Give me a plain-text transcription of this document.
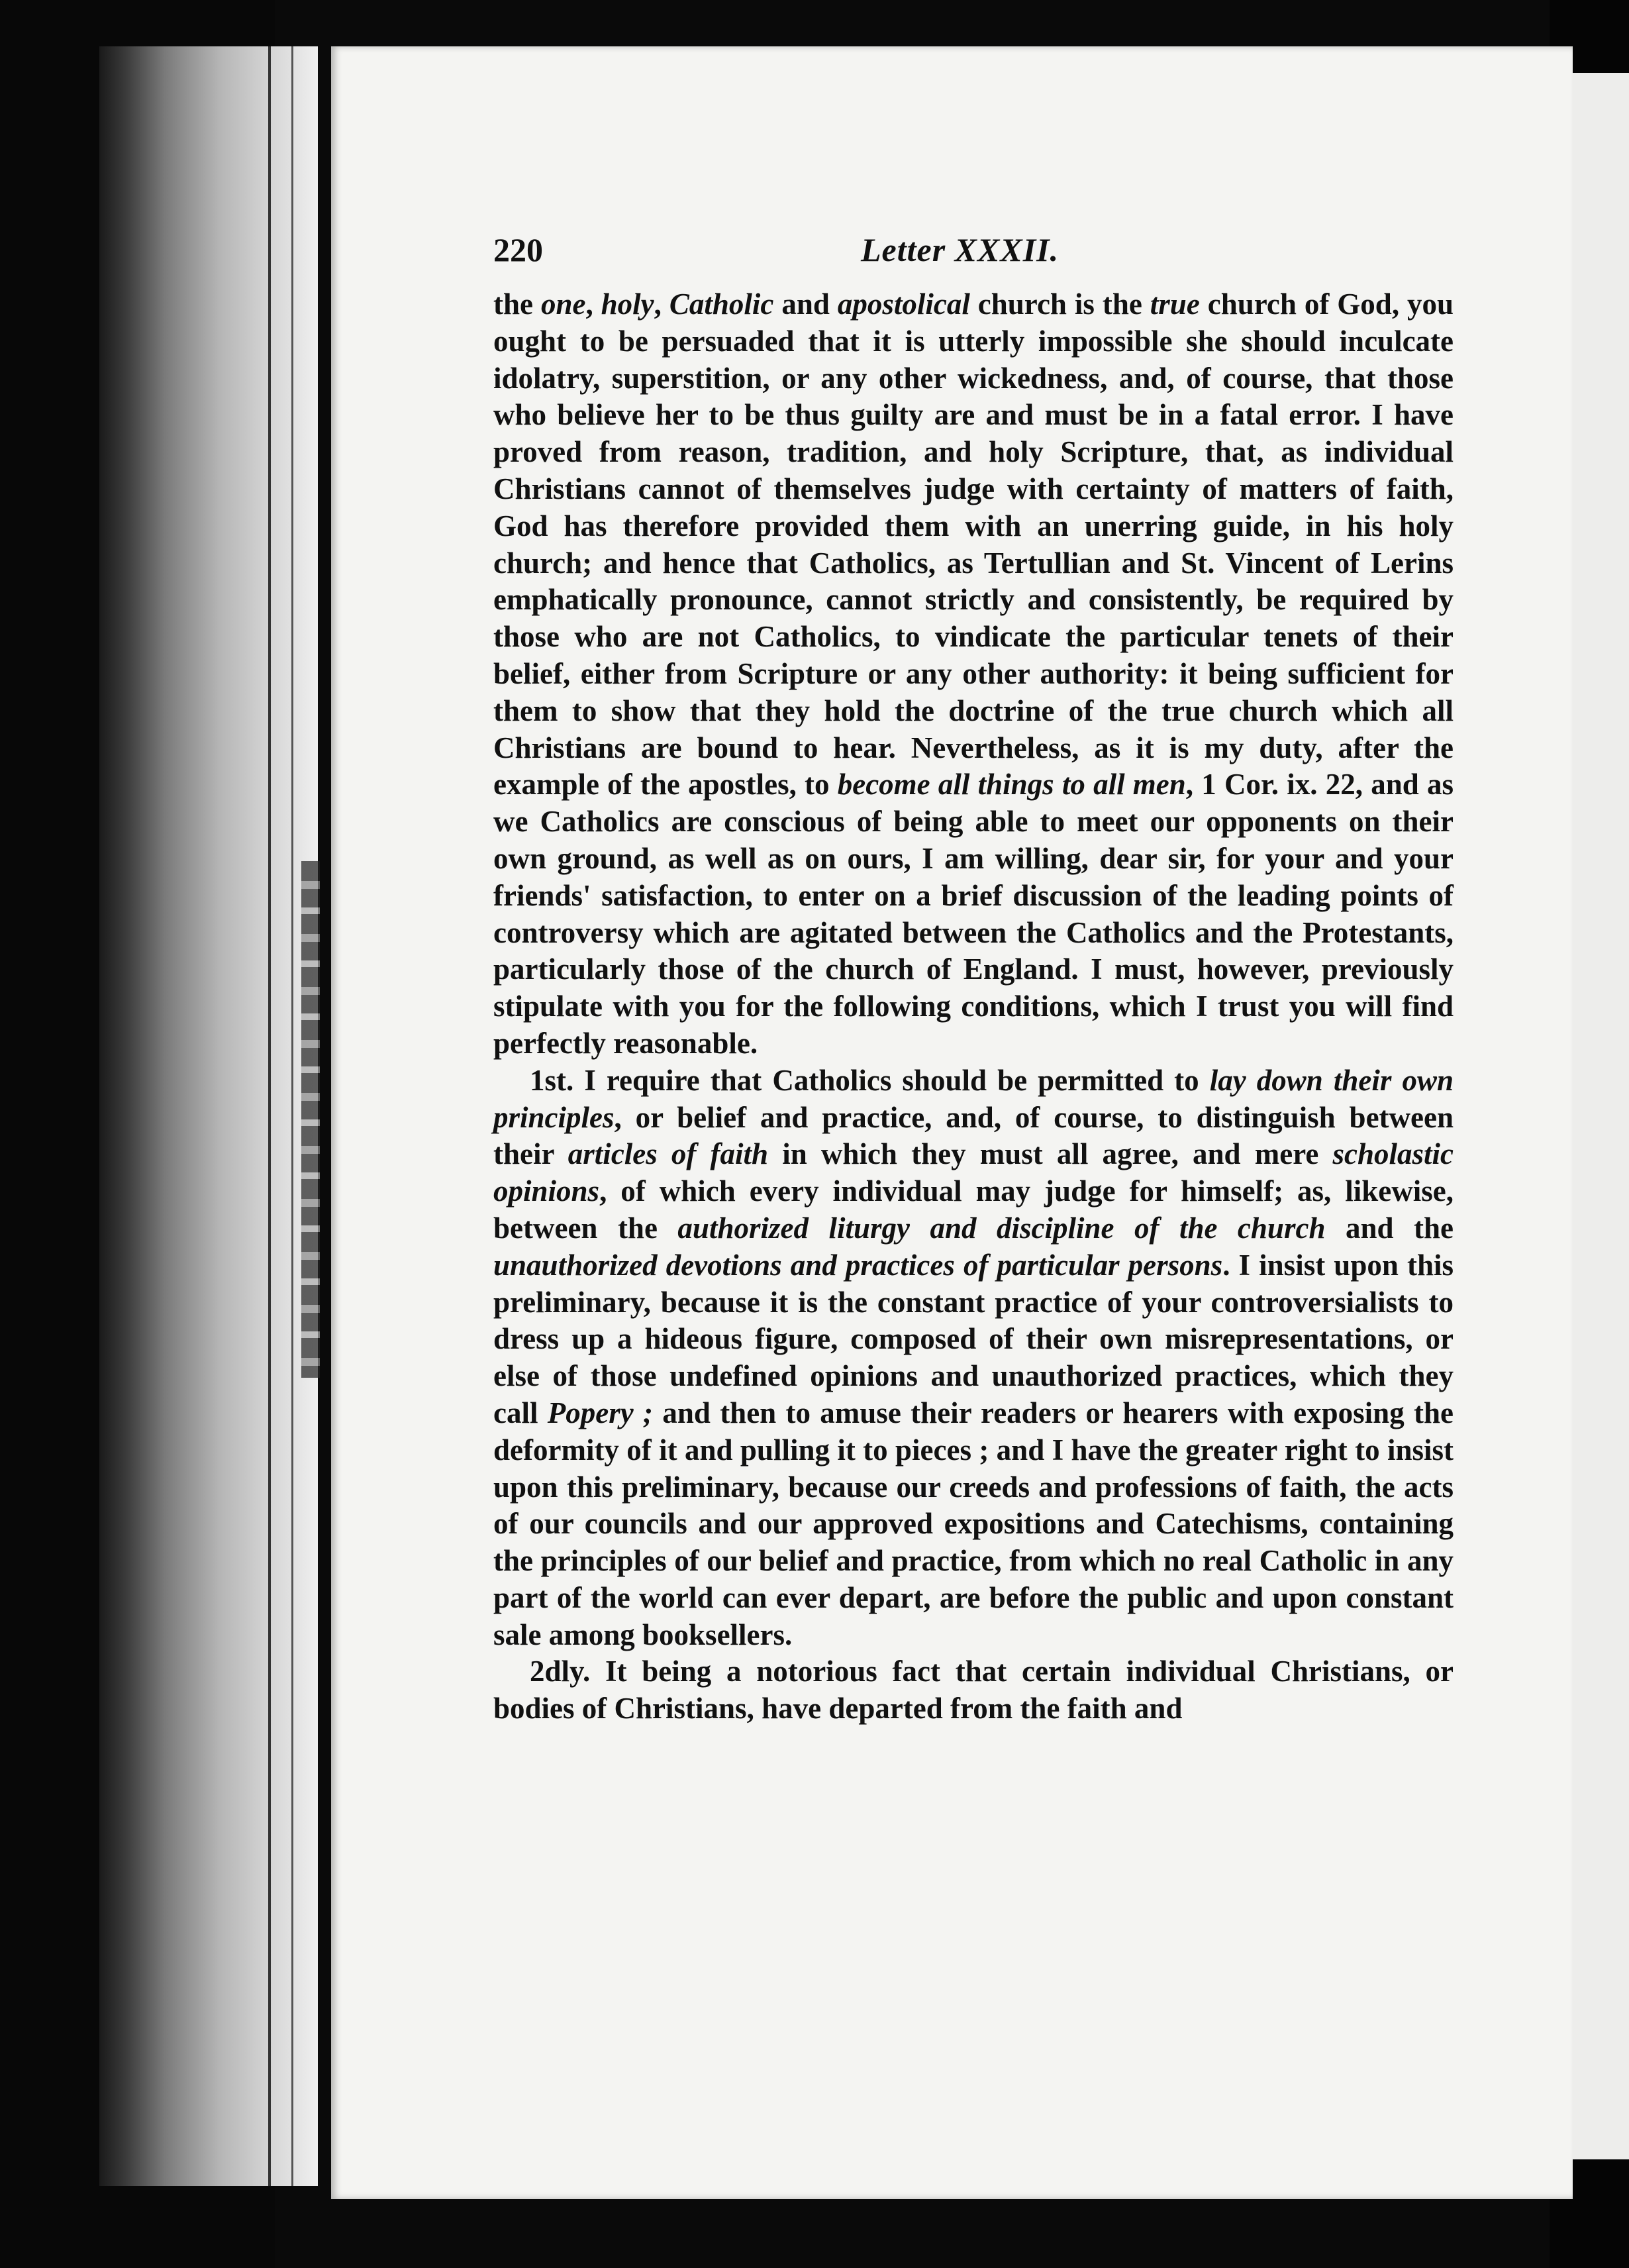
220	Letter XXXII.

the one, holy, Catholic and apostolical church is the true church of God, you ought to be persuaded that it is utterly impossible she should inculcate idolatry, superstition, or any other wickedness, and, of course, that those who believe her to be thus guilty are and must be in a fatal error. I have proved from reason, tradition, and holy Scripture, that, as individual Christians cannot of themselves judge with certainty of matters of faith, God has therefore provided them with an unerring guide, in his holy church; and hence that Catholics, as Tertullian and St. Vincent of Lerins emphatically pronounce, cannot strictly and consistently, be required by those who are not Catholics, to vindicate the particular tenets of their belief, either from Scripture or any other authority: it being sufficient for them to show that they hold the doctrine of the true church which all Christians are bound to hear. Nevertheless, as it is my duty, after the example of the apostles, to become all things to all men, 1 Cor. ix. 22, and as we Catholics are conscious of being able to meet our opponents on their own ground, as well as on ours, I am willing, dear sir, for your and your friends' satisfaction, to enter on a brief discussion of the leading points of controversy which are agitated between the Catholics and the Protestants, particularly those of the church of England. I must, however, previously stipulate with you for the following conditions, which I trust you will find perfectly reasonable.

1st. I require that Catholics should be permitted to lay down their own principles, or belief and practice, and, of course, to distinguish between their articles of faith in which they must all agree, and mere scholastic opinions, of which every individual may judge for himself; as, likewise, between the authorized liturgy and discipline of the church and the unauthorized devotions and practices of particular persons. I insist upon this preliminary, because it is the constant practice of your controversialists to dress up a hideous figure, composed of their own misrepresentations, or else of those undefined opinions and unauthorized practices, which they call Popery ; and then to amuse their readers or hearers with exposing the deformity of it and pulling it to pieces ; and I have the greater right to insist upon this preliminary, because our creeds and professions of faith, the acts of our councils and our approved expositions and Catechisms, containing the principles of our belief and practice, from which no real Catholic in any part of the world can ever depart, are before the public and upon constant sale among booksellers.

2dly. It being a notorious fact that certain individual Christians, or bodies of Christians, have departed from the faith and
